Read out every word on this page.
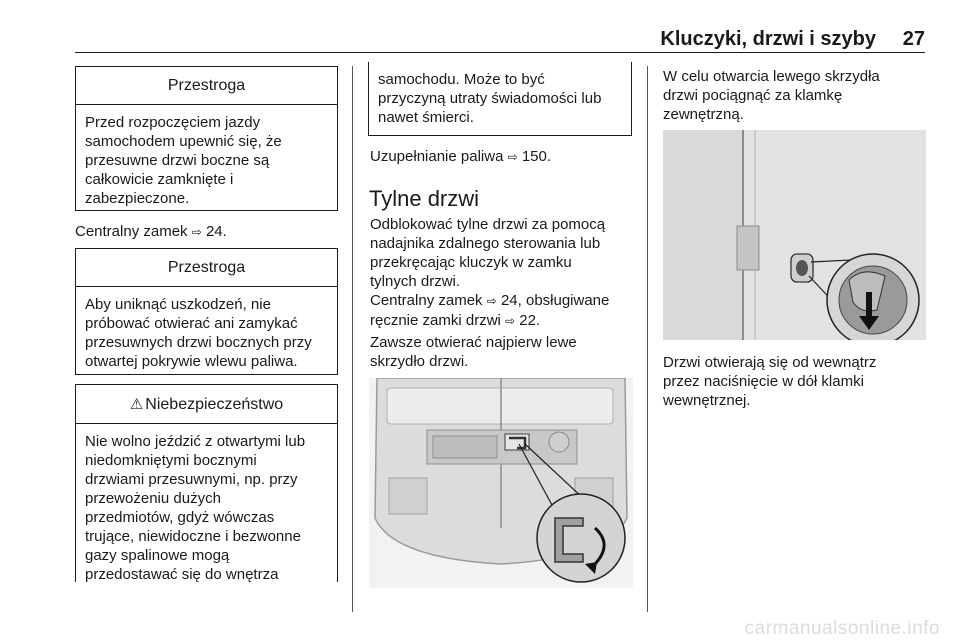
Kluczyki, drzwi i szyby 27
Przestroga
Przed rozpoczęciem jazdy
samochodem upewnić się, że
przesuwne drzwi boczne są
całkowicie zamknięte i
zabezpieczone.
Centralny zamek ⇨ 24.
Przestroga
Aby uniknąć uszkodzeń, nie
próbować otwierać ani zamykać
przesuwnych drzwi bocznych przy
otwartej pokrywie wlewu paliwa.
⚠ Niebezpieczeństwo
Nie wolno jeździć z otwartymi lub
niedomkniętymi bocznymi
drzwiami przesuwnymi, np. przy
przewożeniu dużych
przedmiotów, gdyż wówczas
trujące, niewidoczne i bezwonne
gazy spalinowe mogą
przedostawać się do wnętrza
samochodu. Może to być
przyczyną utraty świadomości lub
nawet śmierci.
Uzupełnianie paliwa ⇨ 150.
Tylne drzwi
Odblokować tylne drzwi za pomocą
nadajnika zdalnego sterowania lub
przekręcając kluczyk w zamku
tylnych drzwi.
Centralny zamek ⇨ 24, obsługiwane
ręcznie zamki drzwi ⇨ 22.
Zawsze otwierać najpierw lewe
skrzydło drzwi.
W celu otwarcia lewego skrzydła
drzwi pociągnąć za klamkę
zewnętrzną.
Drzwi otwierają się od wewnątrz
przez naciśnięcie w dół klamki
wewnętrznej.
carmanualsonline.info
